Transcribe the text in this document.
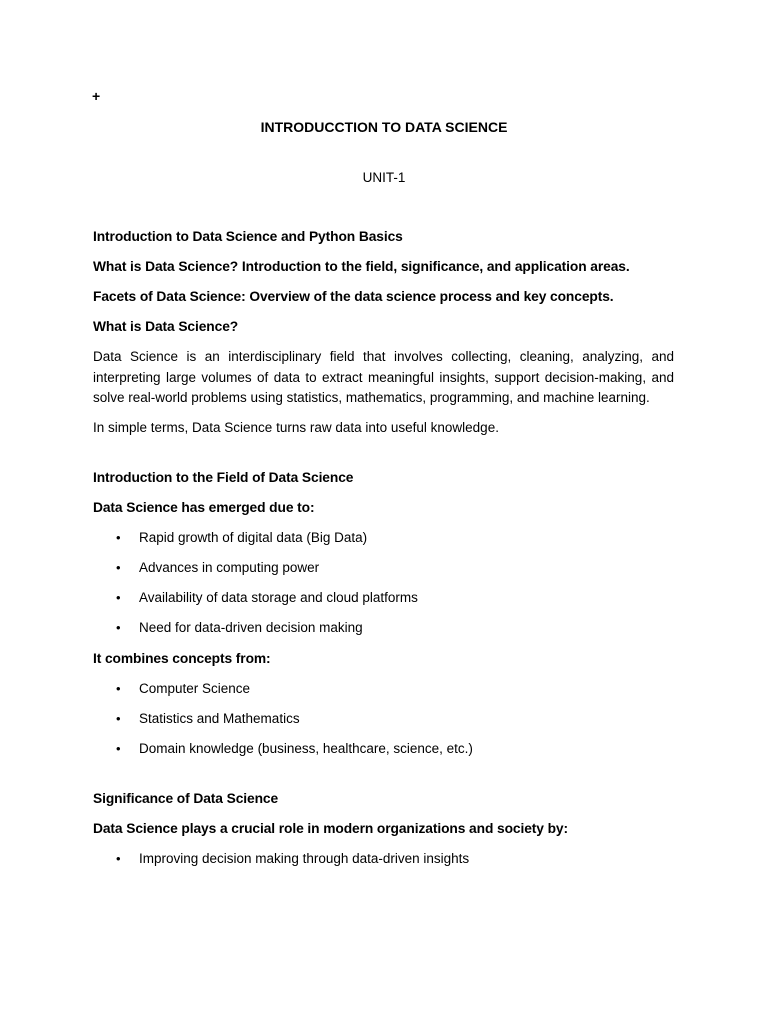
+
INTRODUCCTION TO DATA SCIENCE
UNIT-1
Introduction to Data Science and Python Basics
What is Data Science? Introduction to the field, significance, and application areas.
Facets of Data Science: Overview of the data science process and key concepts.
What is Data Science?
Data Science is an interdisciplinary field that involves collecting, cleaning, analyzing, and interpreting large volumes of data to extract meaningful insights, support decision-making, and solve real-world problems using statistics, mathematics, programming, and machine learning.
In simple terms, Data Science turns raw data into useful knowledge.
Introduction to the Field of Data Science
Data Science has emerged due to:
• Rapid growth of digital data (Big Data)
• Advances in computing power
• Availability of data storage and cloud platforms
• Need for data-driven decision making
It combines concepts from:
• Computer Science
• Statistics and Mathematics
• Domain knowledge (business, healthcare, science, etc.)
Significance of Data Science
Data Science plays a crucial role in modern organizations and society by:
• Improving decision making through data-driven insights
